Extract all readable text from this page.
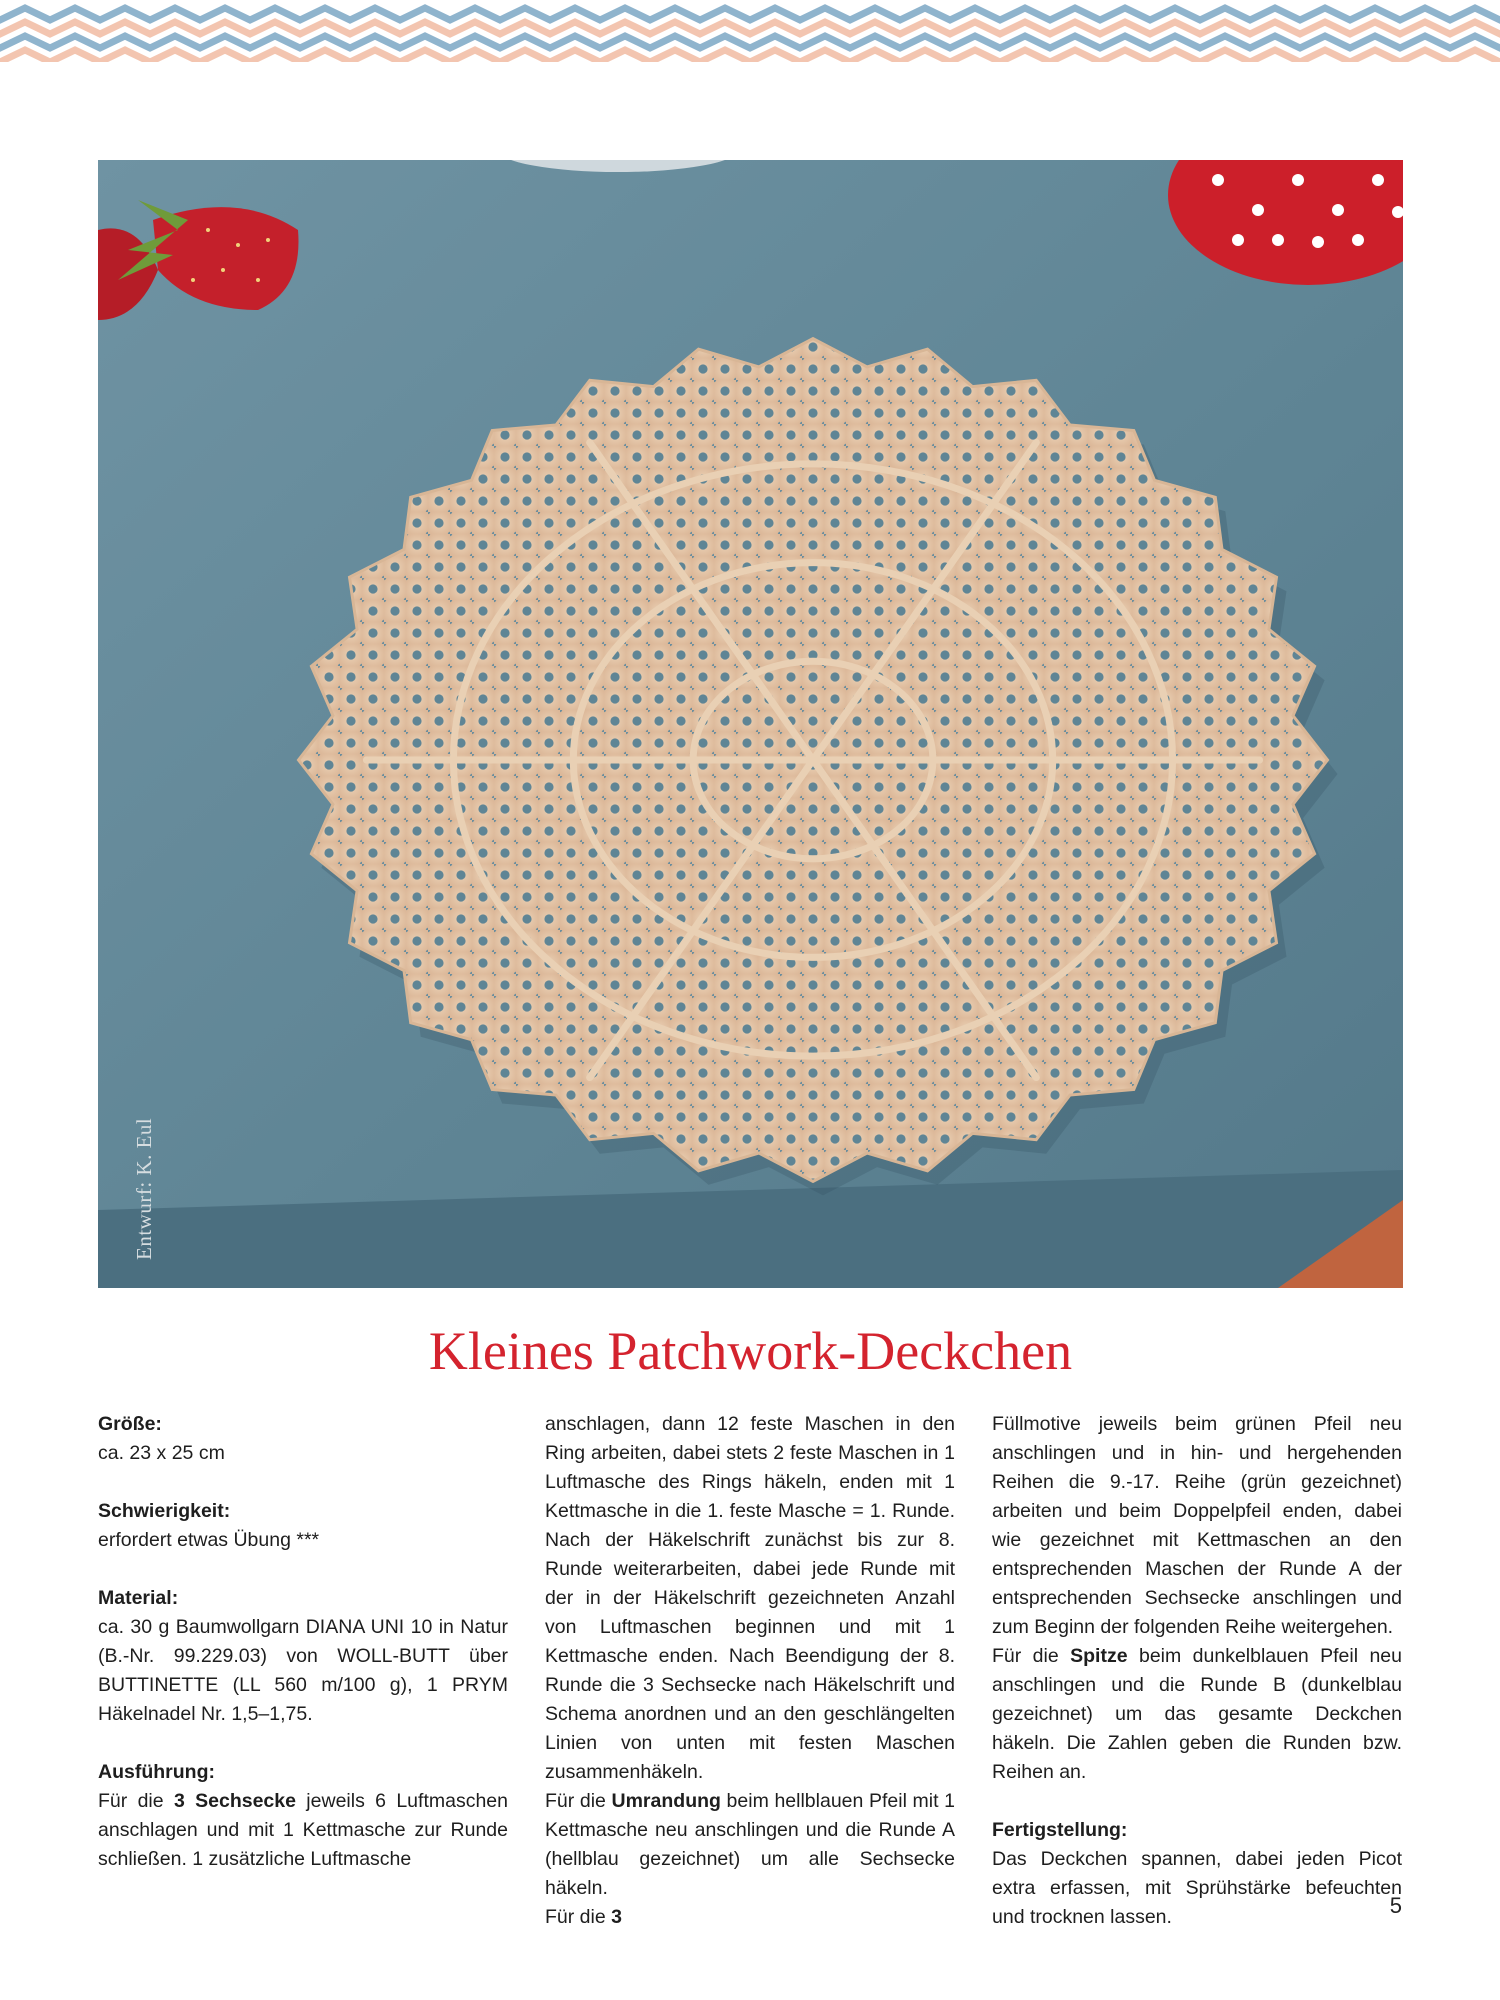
Entwurf: K. Eul
Kleines Patchwork-Deckchen
Größe:

ca. 23 x 25 cm

Schwierigkeit:

erfordert etwas Übung ***

Material:

ca. 30 g Baumwollgarn DIANA UNI 10 in Natur (B.-Nr. 99.229.03) von WOLL-BUTT über BUTTINETTE (LL 560 m/100 g), 1 PRYM Häkelnadel Nr. 1,5–1,75.

Ausführung:

Für die 3 Sechsecke jeweils 6 Luftmaschen anschlagen und mit 1 Kettmasche zur Runde schließen. 1 zusätzliche Luftmasche

anschlagen, dann 12 feste Maschen in den Ring arbeiten, dabei stets 2 feste Maschen in 1 Luftmasche des Rings häkeln, enden mit 1 Kettmasche in die 1. feste Masche = 1. Runde. Nach der Häkelschrift zunächst bis zur 8. Runde weiterarbeiten, dabei jede Runde mit der in der Häkelschrift gezeichneten Anzahl von Luftmaschen beginnen und mit 1 Kettmasche enden. Nach Beendigung der 8. Runde die 3 Sechsecke nach Häkelschrift und Schema anordnen und an den geschlängelten Linien von unten mit festen Maschen zusammenhäkeln.

Für die Umrandung beim hellblauen Pfeil mit 1 Kettmasche neu anschlingen und die Runde A (hellblau gezeichnet) um alle Sechsecke häkeln.

Für die 3

Füllmotive jeweils beim grünen Pfeil neu anschlingen und in hin- und hergehenden Reihen die 9.-17. Reihe (grün gezeichnet) arbeiten und beim Doppelpfeil enden, dabei wie gezeichnet mit Kettmaschen an den entsprechenden Maschen der Runde A der entsprechenden Sechsecke anschlingen und zum Beginn der folgenden Reihe weitergehen.

Für die Spitze beim dunkelblauen Pfeil neu anschlingen und die Runde B (dunkelblau gezeichnet) um das gesamte Deckchen häkeln. Die Zahlen geben die Runden bzw. Reihen an.

Fertigstellung:

Das Deckchen spannen, dabei jeden Picot extra erfassen, mit Sprühstärke befeuchten und trocknen lassen.	5
